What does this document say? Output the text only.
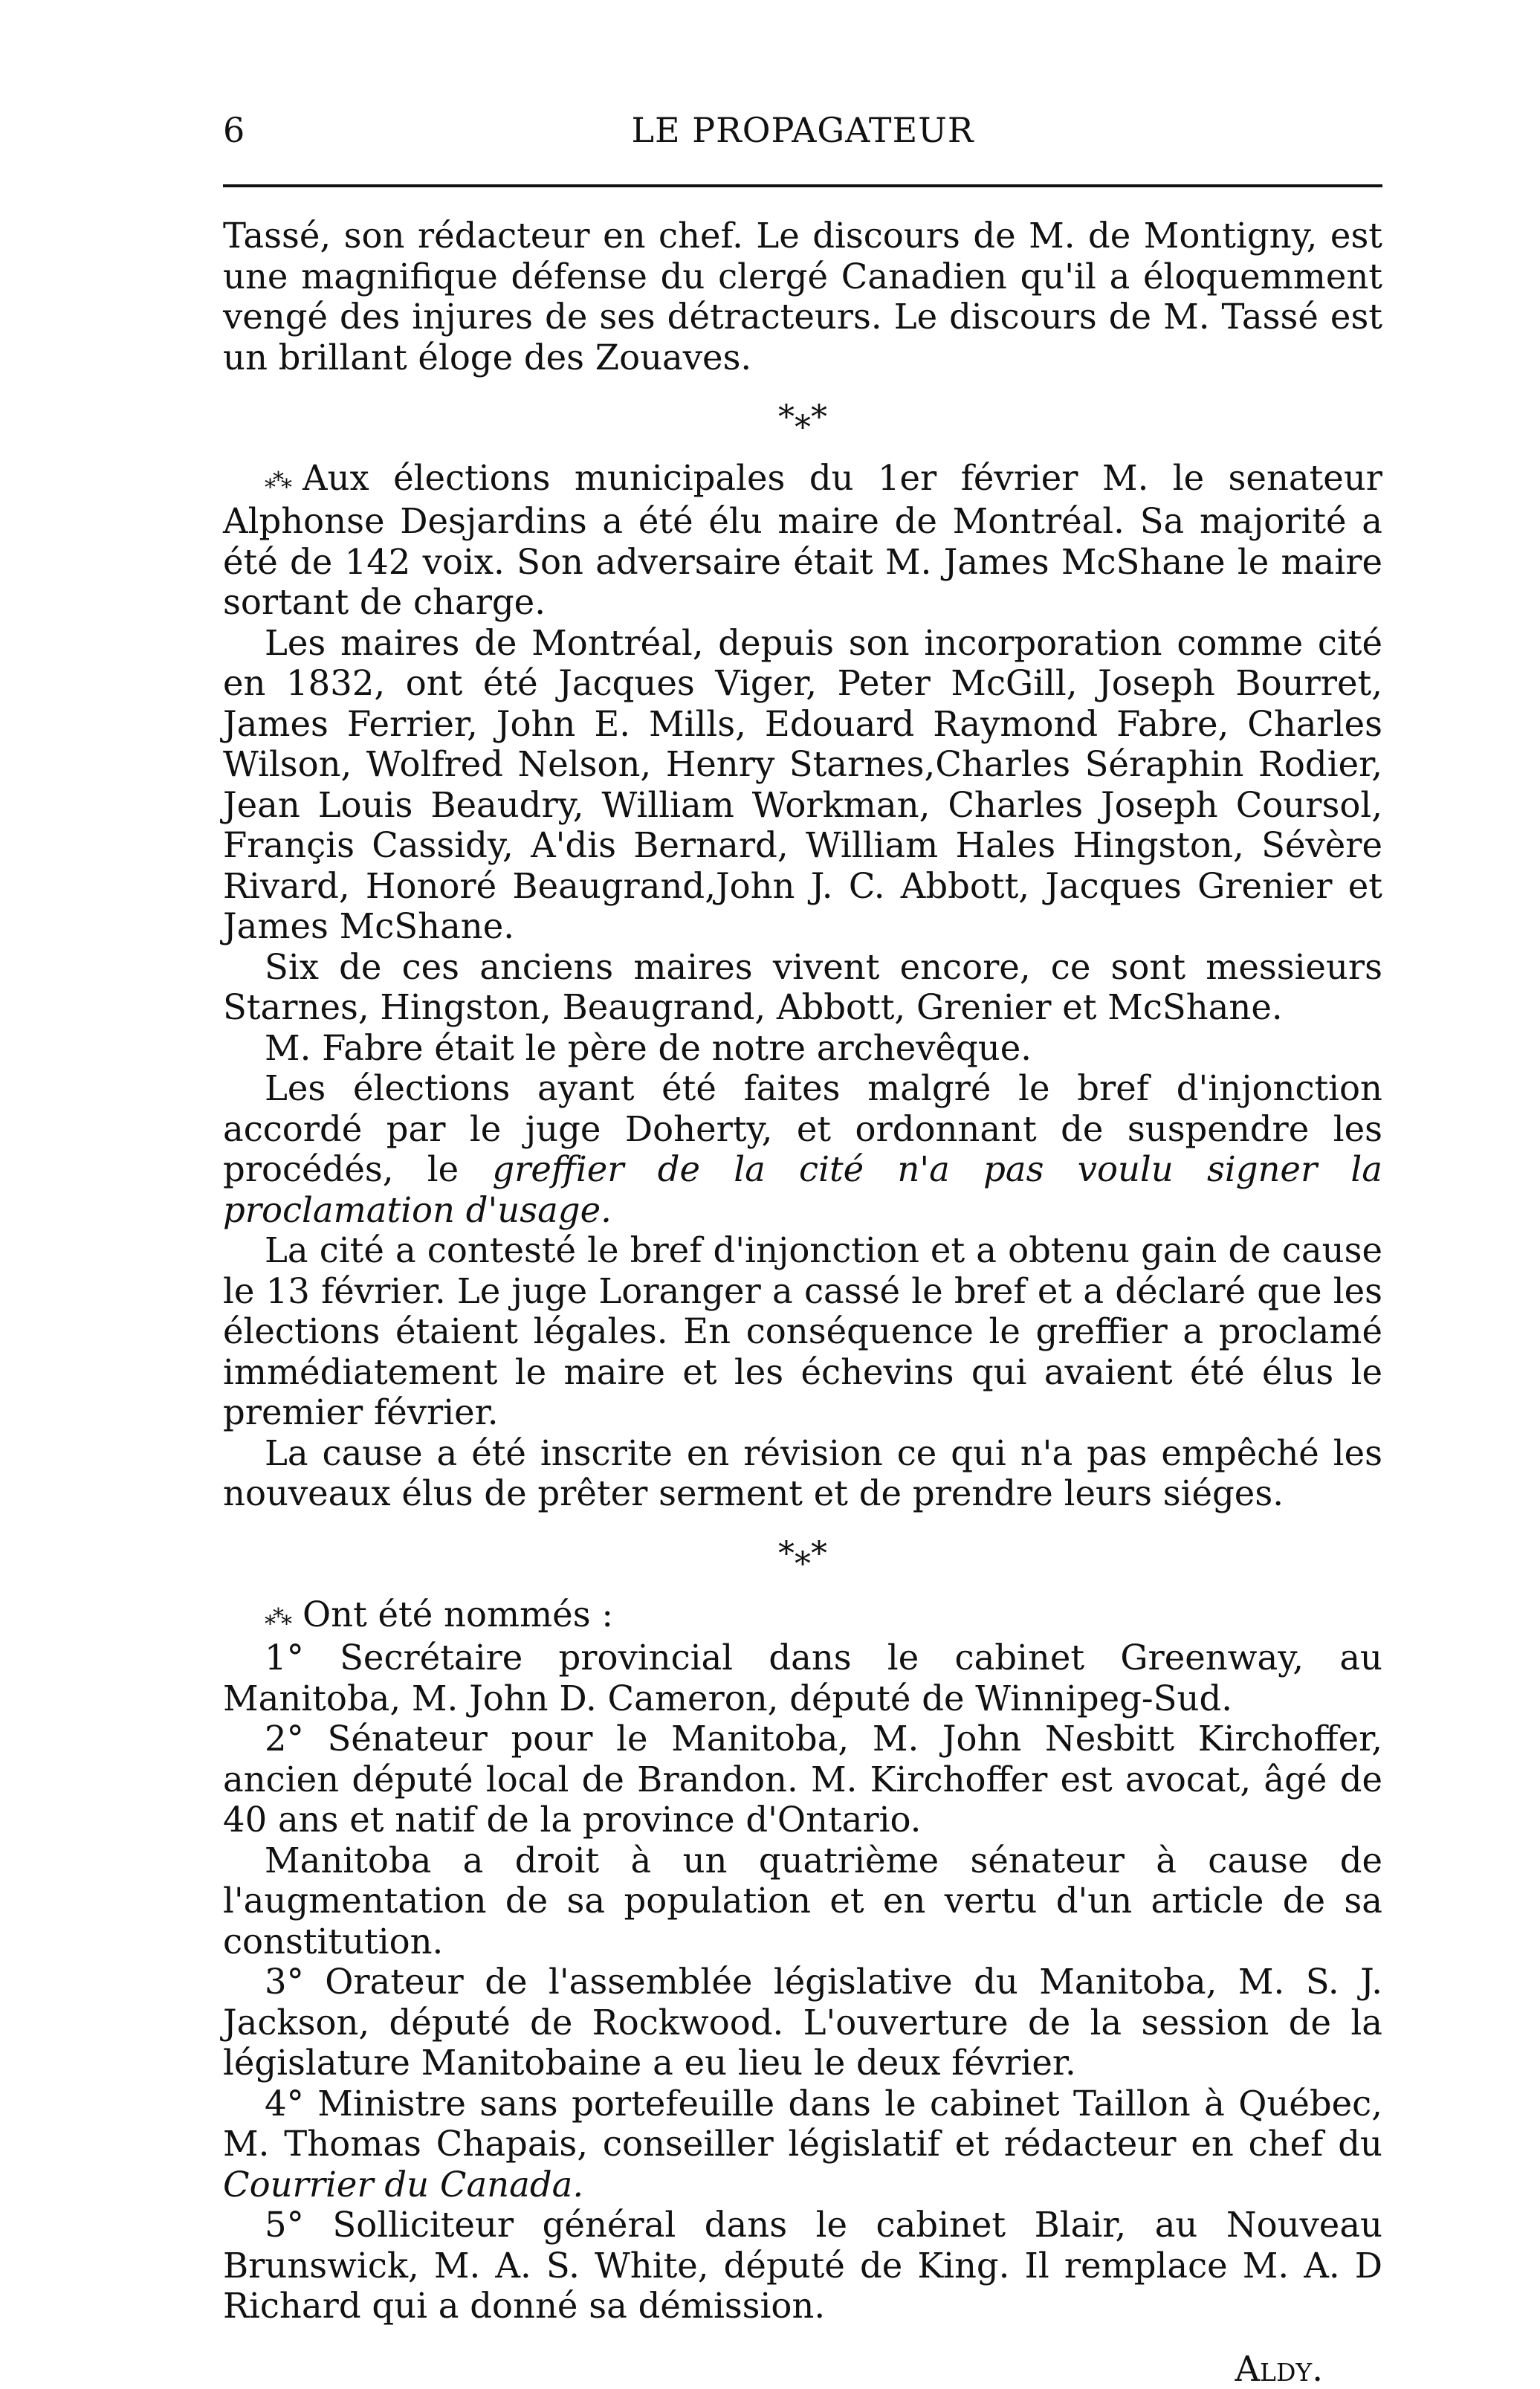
6	LE PROPAGATEUR

Tassé, son rédacteur en chef. Le discours de M. de Montigny, est une magnifique défense du clergé Canadien qu'il a éloquemment vengé des injures de ses détracteurs. Le discours de M. Tassé est un brillant éloge des Zouaves.

*⁎*

⁎*⁎ Aux élections municipales du 1er février M. le senateur Alphonse Desjardins a été élu maire de Montréal. Sa majorité a été de 142 voix. Son adversaire était M. James McShane le maire sortant de charge.

Les maires de Montréal, depuis son incorporation comme cité en 1832, ont été Jacques Viger, Peter McGill, Joseph Bourret, James Ferrier, John E. Mills, Edouard Raymond Fabre, Charles Wilson, Wolfred Nelson, Henry Starnes,Charles Séraphin Rodier, Jean Louis Beaudry, William Workman, Charles Joseph Coursol, Françis Cassidy, A'dis Bernard, William Hales Hingston, Sévère Rivard, Honoré Beaugrand,John J. C. Abbott, Jacques Grenier et James McShane.

Six de ces anciens maires vivent encore, ce sont messieurs Starnes, Hingston, Beaugrand, Abbott, Grenier et McShane.

M. Fabre était le père de notre archevêque.

Les élections ayant été faites malgré le bref d'injonction accordé par le juge Doherty, et ordonnant de suspendre les procédés, le greffier de la cité n'a pas voulu signer la proclamation d'usage.

La cité a contesté le bref d'injonction et a obtenu gain de cause le 13 février. Le juge Loranger a cassé le bref et a déclaré que les élections étaient légales. En conséquence le greffier a proclamé immédiatement le maire et les échevins qui avaient été élus le premier février.

La cause a été inscrite en révision ce qui n'a pas empêché les nouveaux élus de prêter serment et de prendre leurs siéges.

*⁎*

⁎*⁎ Ont été nommés :

1° Secrétaire provincial dans le cabinet Greenway, au Manitoba, M. John D. Cameron, député de Winnipeg-Sud.

2° Sénateur pour le Manitoba, M. John Nesbitt Kirchoffer, ancien député local de Brandon. M. Kirchoffer est avocat, âgé de 40 ans et natif de la province d'Ontario.

Manitoba a droit à un quatrième sénateur à cause de l'augmentation de sa population et en vertu d'un article de sa constitution.

3° Orateur de l'assemblée législative du Manitoba, M. S. J. Jackson, député de Rockwood. L'ouverture de la session de la législature Manitobaine a eu lieu le deux février.

4° Ministre sans portefeuille dans le cabinet Taillon à Québec, M. Thomas Chapais, conseiller législatif et rédacteur en chef du Courrier du Canada.

5° Solliciteur général dans le cabinet Blair, au Nouveau Brunswick, M. A. S. White, député de King. Il remplace M. A. D Richard qui a donné sa démission.

Aldy.
